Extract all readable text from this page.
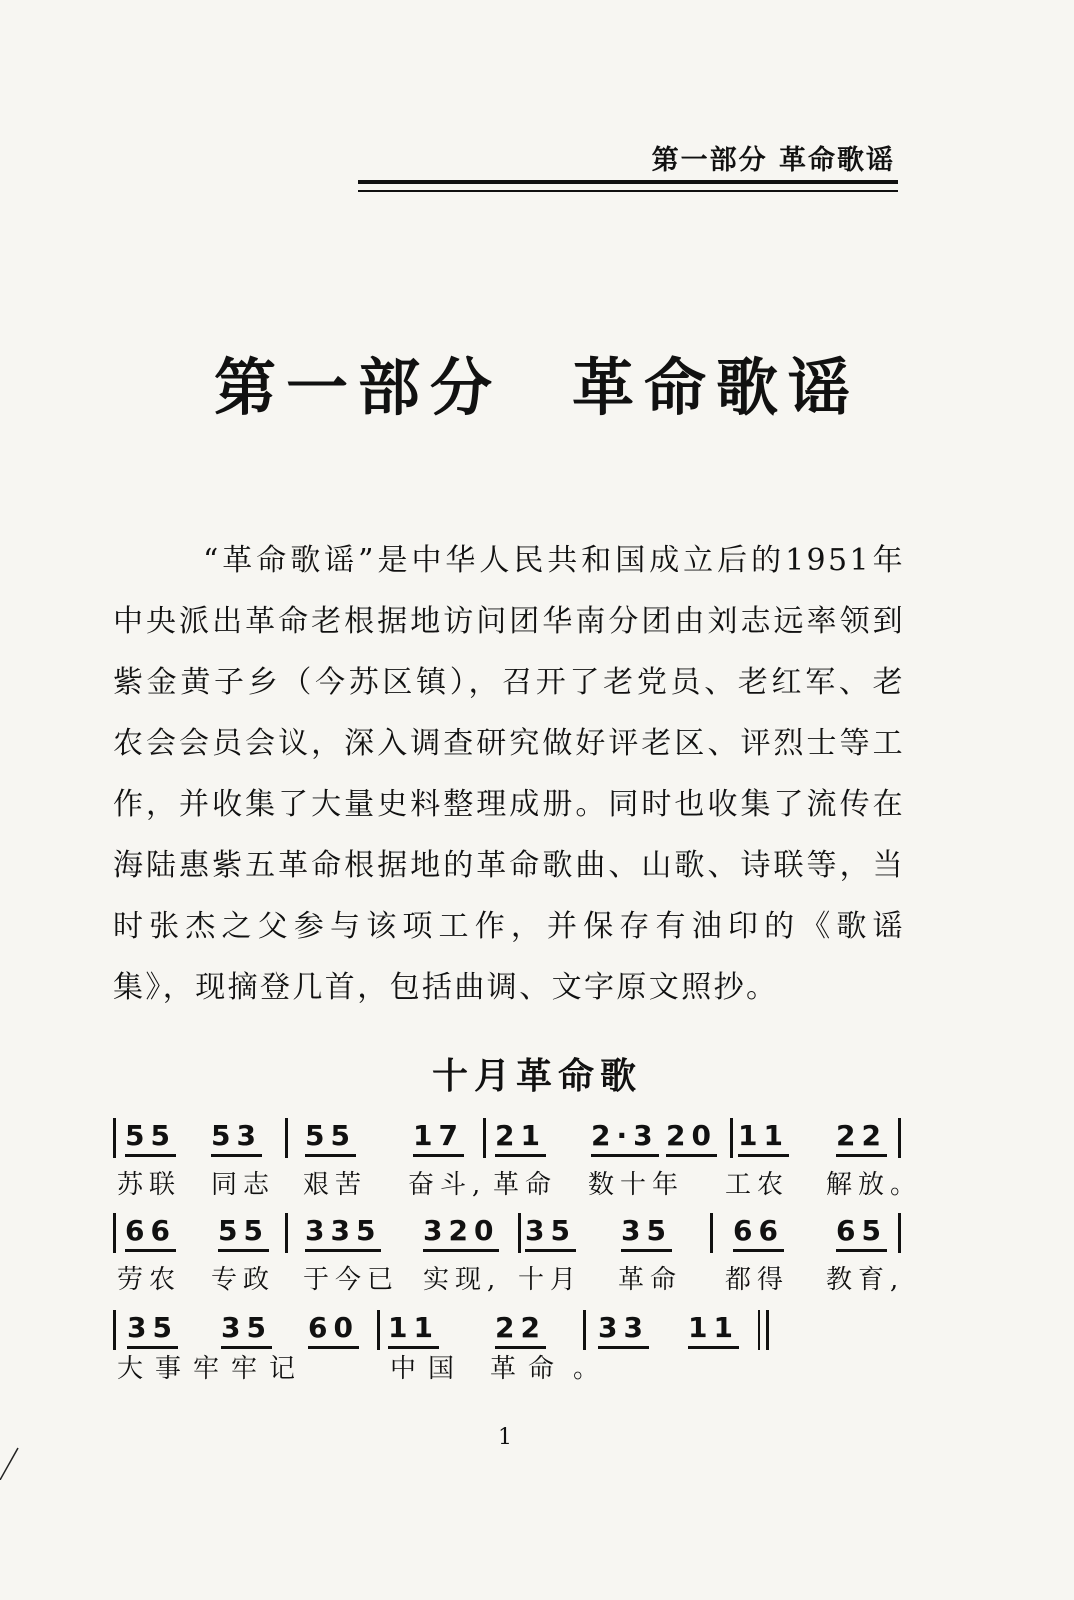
第一部分 革命歌谣
第一部分 革命歌谣

“革命歌谣”是中华人民共和国成立后的1951年中央派出革命老根据地访问团华南分团由刘志远率领到紫金黄子乡（今苏区镇），召开了老党员、老红军、老农会会员会议，深入调查研究做好评老区、评烈士等工作，并收集了大量史料整理成册。同时也收集了流传在海陆惠紫五革命根据地的革命歌曲、山歌、诗联等，当时张杰之父参与该项工作，并保存有油印的《歌谣集》，现摘登几首，包括曲调、文字原文照抄。

十月革命歌
55 53 55 17 21 2·3 20 11 22
苏联 同志 艰苦 奋斗, 革命 数十年 工农 解放。
66 55 335 320 35 35 66 65
劳农 专政 于今已 实现, 十月 革命 都得 教育,
35 35 60 11 22 33 11
大事牢牢记	中国 革命 。
1
